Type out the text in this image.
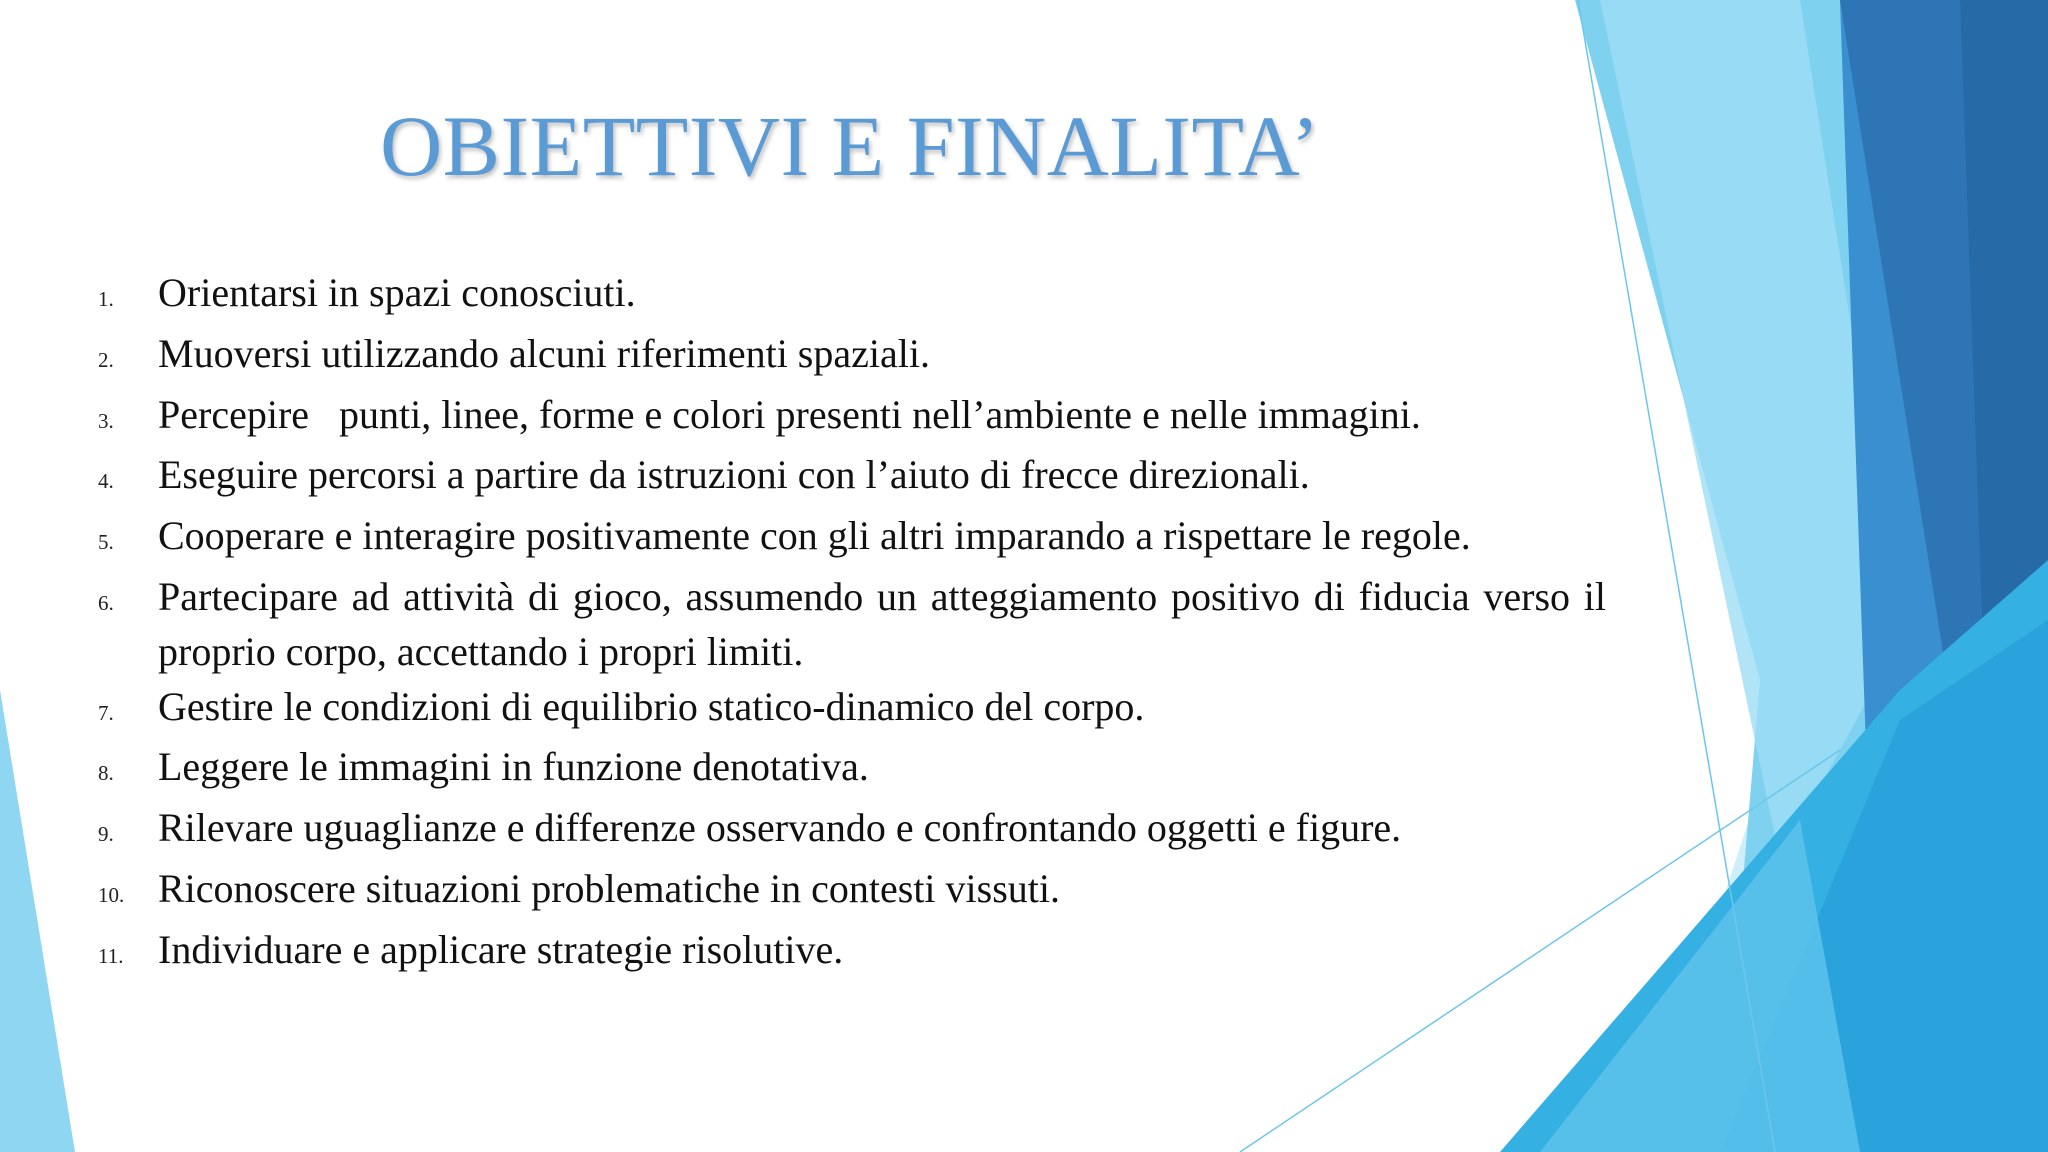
OBIETTIVI E FINALITA’
1.	Orientarsi in spazi conosciuti.
2.	Muoversi utilizzando alcuni riferimenti spaziali.
3.	Percepire   punti, linee, forme e colori presenti nell’ambiente e nelle immagini.
4.	Eseguire percorsi a partire da istruzioni con l’aiuto di frecce direzionali.
5.	Cooperare e interagire positivamente con gli altri imparando a rispettare le regole.
6.	Partecipare ad attività di gioco, assumendo un atteggiamento positivo di fiducia verso il proprio corpo, accettando i propri limiti.
7.	Gestire le condizioni di equilibrio statico-dinamico del corpo.
8.	Leggere le immagini in funzione denotativa.
9.	Rilevare uguaglianze e differenze osservando e confrontando oggetti e figure.
10. Riconoscere situazioni problematiche in contesti vissuti.
11. Individuare e applicare strategie risolutive.
